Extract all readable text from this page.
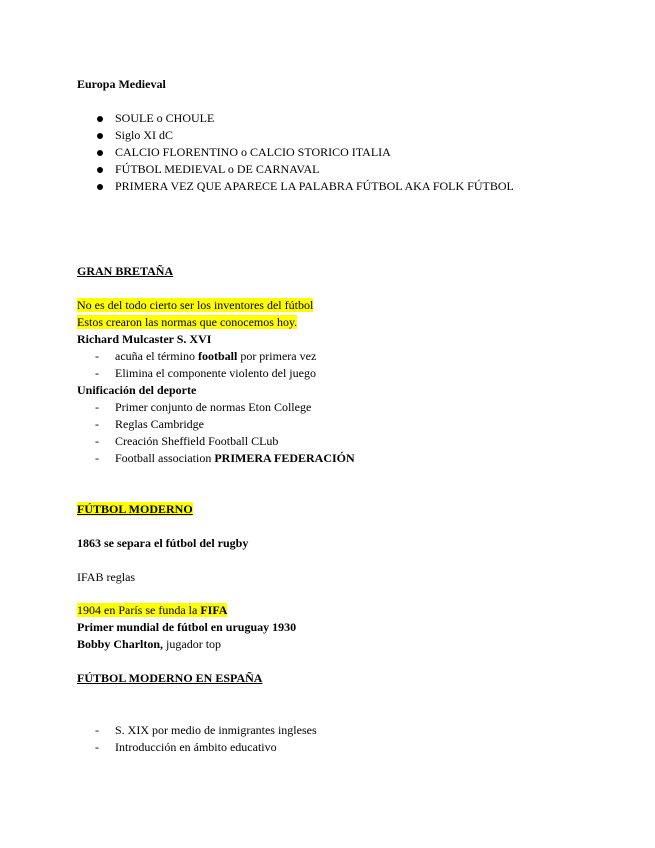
Europa Medieval
SOULE o CHOULE
Siglo XI dC
CALCIO FLORENTINO o CALCIO STORICO ITALIA
FÚTBOL MEDIEVAL o DE CARNAVAL
PRIMERA VEZ QUE APARECE LA PALABRA FÚTBOL AKA FOLK FÚTBOL
GRAN BRETAÑA
No es del todo cierto ser los inventores del fútbol
Estos crearon las normas que conocemos hoy.
Richard Mulcaster S. XVI
- acuña el término football por primera vez
- Elimina el componente violento del juego
Unificación del deporte
- Primer conjunto de normas Eton College
- Reglas Cambridge
- Creación Sheffield Football CLub
- Football association PRIMERA FEDERACIÓN
FÚTBOL MODERNO
1863 se separa el fútbol del rugby
IFAB reglas
1904 en París se funda la FIFA
Primer mundial de fútbol en uruguay 1930
Bobby Charlton, jugador top
FÚTBOL MODERNO EN ESPAÑA
- S. XIX por medio de inmigrantes ingleses
- Introducción en ámbito educativo
